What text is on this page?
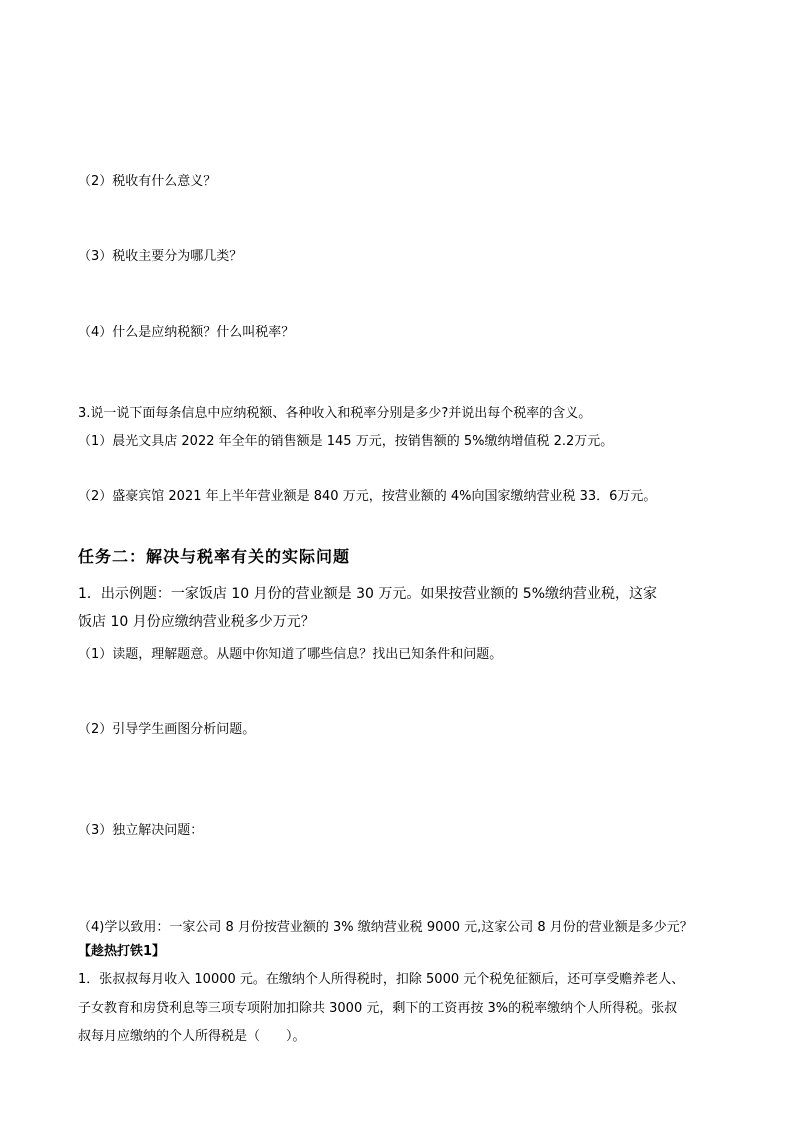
（2）税收有什么意义？
（3）税收主要分为哪几类？
（4）什么是应纳税额？什么叫税率？
3.说一说下面每条信息中应纳税额、各种收入和税率分别是多少?并说出每个税率的含义。
（1）晨光文具店 2022 年全年的销售额是 145 万元，按销售额的 5%缴纳增值税 2.2万元。
（2）盛豪宾馆 2021 年上半年营业额是 840 万元，按营业额的 4%向国家缴纳营业税 33．6万元。
任务二：解决与税率有关的实际问题
1．出示例题：一家饭店 10 月份的营业额是 30 万元。如果按营业额的 5%缴纳营业税，这家
饭店 10 月份应缴纳营业税多少万元？
（1）读题，理解题意。从题中你知道了哪些信息？找出已知条件和问题。
（2）引导学生画图分析问题。
（3）独立解决问题：
（4)学以致用：一家公司 8 月份按营业额的 3% 缴纳营业税 9000 元,这家公司 8 月份的营业额是多少元？
【趁热打铁1】
1．张叔叔每月收入 10000 元。在缴纳个人所得税时，扣除 5000 元个税免征额后，还可享受赡养老人、
子女教育和房贷利息等三项专项附加扣除共 3000 元，剩下的工资再按 3%的税率缴纳个人所得税。张叔
叔每月应缴纳的个人所得税是（　　）。
